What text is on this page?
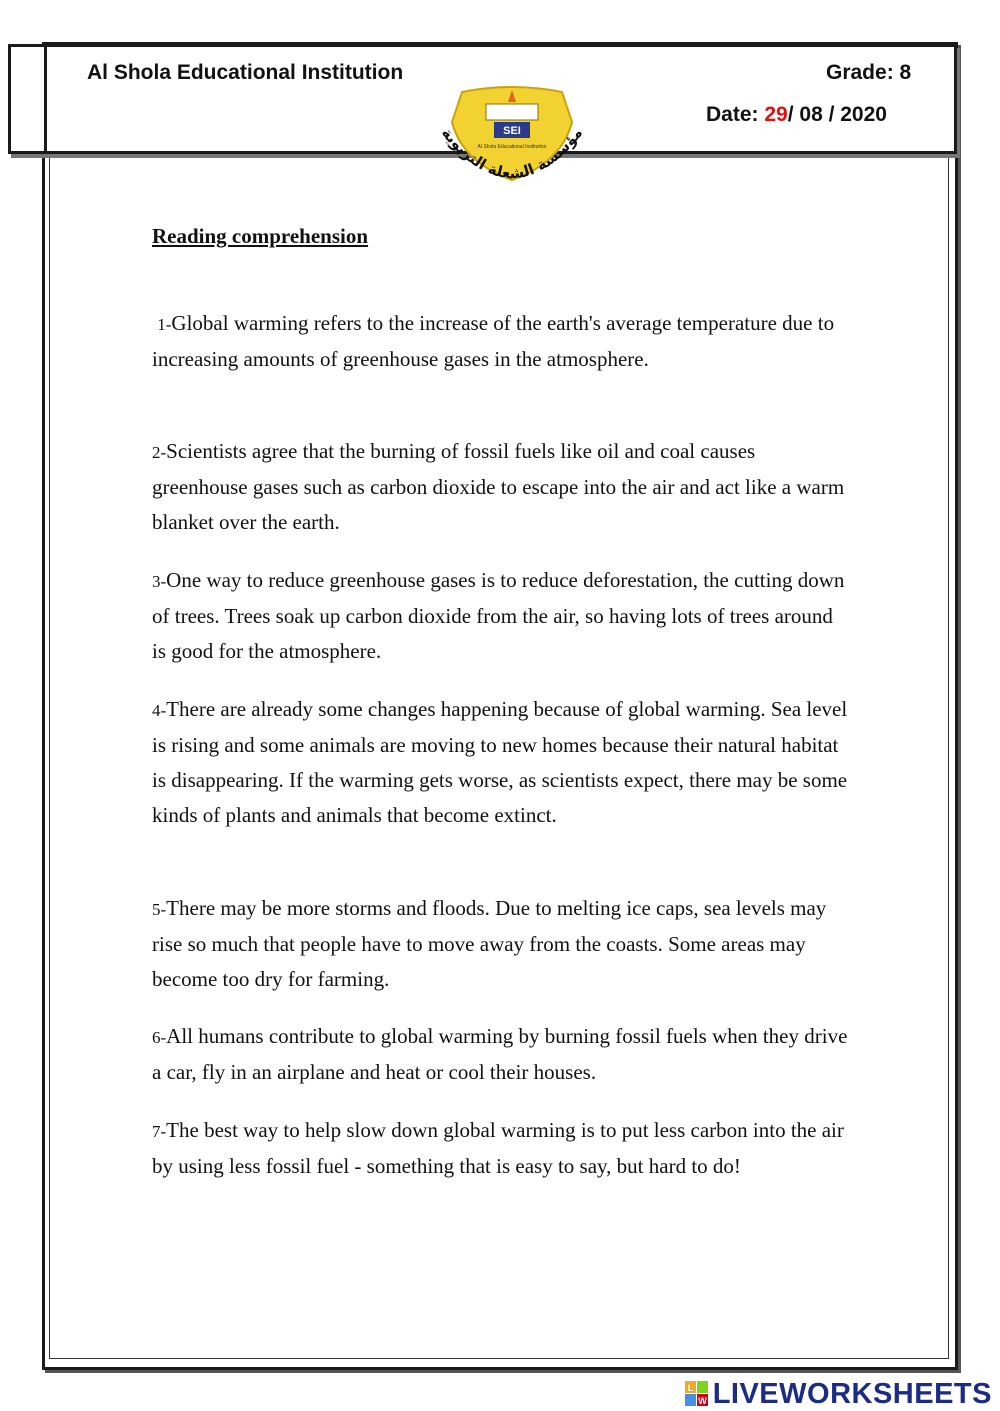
Al Shola Educational Institution	Grade: 8
Date: 29/ 08 / 2020
SEI
Al Shola Educational Institution
مؤسسة الشعلة التربوية
Reading comprehension

1-Global warming refers to the increase of the earth's average temperature due to increasing amounts of greenhouse gases in the atmosphere.

2-Scientists agree that the burning of fossil fuels like oil and coal causes greenhouse gases such as carbon dioxide to escape into the air and act like a warm blanket over the earth.

3-One way to reduce greenhouse gases is to reduce deforestation, the cutting down of trees. Trees soak up carbon dioxide from the air, so having lots of trees around is good for the atmosphere.

4-There are already some changes happening because of global warming. Sea level is rising and some animals are moving to new homes because their natural habitat is disappearing. If the warming gets worse, as scientists expect, there may be some kinds of plants and animals that become extinct.

5-There may be more storms and floods. Due to melting ice caps, sea levels may rise so much that people have to move away from the coasts. Some areas may become too dry for farming.

6-All humans contribute to global warming by burning fossil fuels when they drive a car, fly in an airplane and heat or cool their houses.

7-The best way to help slow down global warming is to put less carbon into the air by using less fossil fuel - something that is easy to say, but hard to do!

L
W LIVEWORKSHEETS
